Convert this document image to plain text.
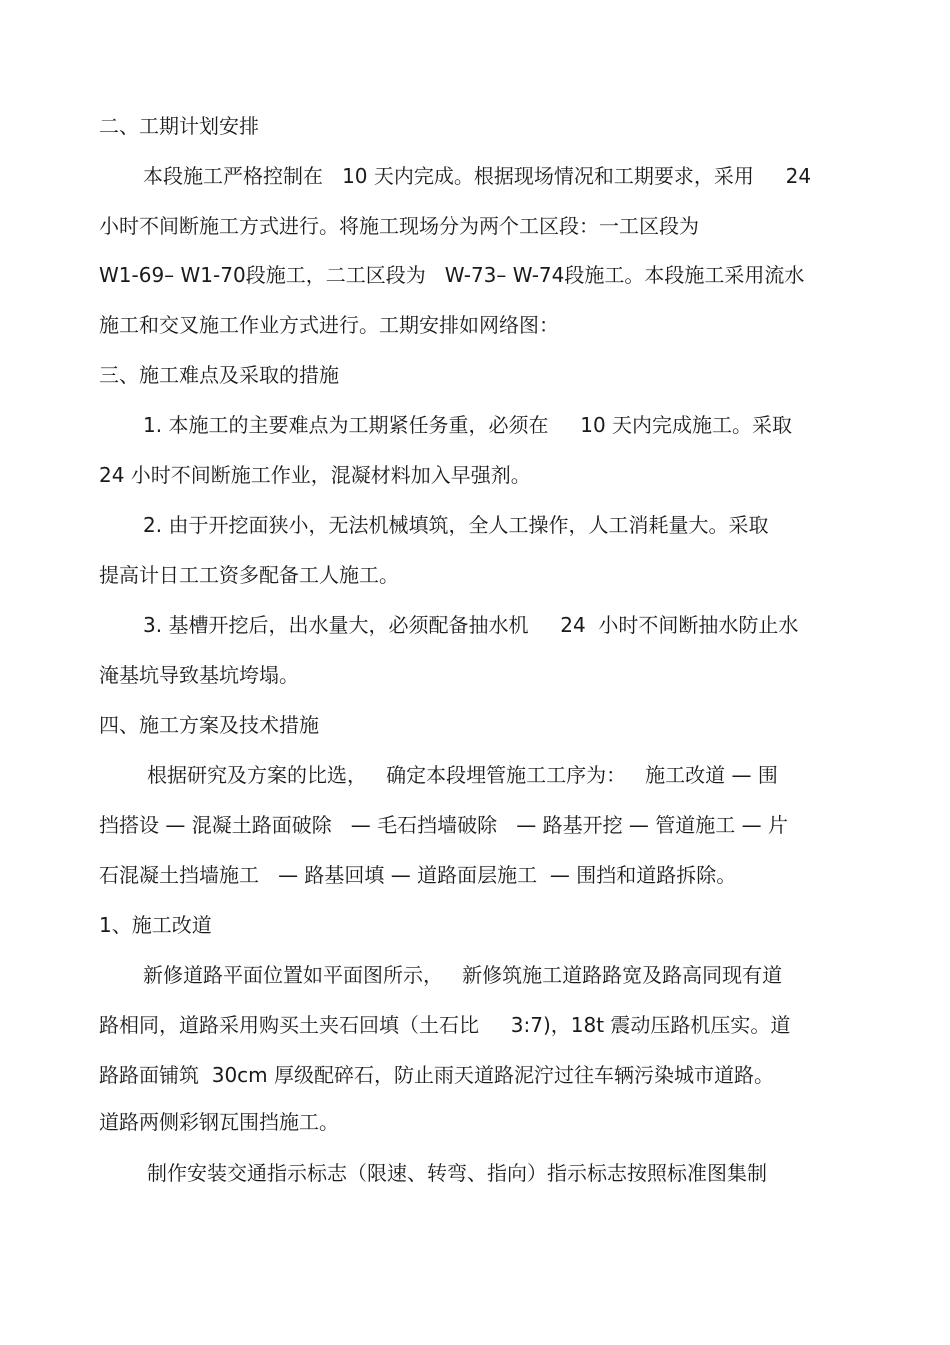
二、工期计划安排
本段施工严格控制在   10 天内完成。根据现场情况和工期要求，采用     24
小时不间断施工方式进行。将施工现场分为两个工区段：一工区段为
W1-69– W1-70段施工，二工区段为   W-73– W-74段施工。本段施工采用流水
施工和交叉施工作业方式进行。工期安排如网络图：
三、施工难点及采取的措施
1. 本施工的主要难点为工期紧任务重，必须在     10 天内完成施工。采取
24 小时不间断施工作业，混凝材料加入早强剂。
2. 由于开挖面狭小，无法机械填筑，全人工操作，人工消耗量大。采取
提高计日工工资多配备工人施工。
3. 基槽开挖后，出水量大，必须配备抽水机     24  小时不间断抽水防止水
淹基坑导致基坑垮塌。
四、施工方案及技术措施
根据研究及方案的比选，   确定本段埋管施工工序为：   施工改道 — 围
挡搭设 — 混凝土路面破除   — 毛石挡墙破除   — 路基开挖 — 管道施工 — 片
石混凝土挡墙施工   — 路基回填 — 道路面层施工  — 围挡和道路拆除。
1、施工改道
新修道路平面位置如平面图所示，   新修筑施工道路路宽及路高同现有道
路相同，道路采用购买土夹石回填（土石比     3:7)，18t 震动压路机压实。道
路路面铺筑  30cm 厚级配碎石，防止雨天道路泥泞过往车辆污染城市道路。
道路两侧彩钢瓦围挡施工。
制作安装交通指示标志（限速、转弯、指向）指示标志按照标准图集制
